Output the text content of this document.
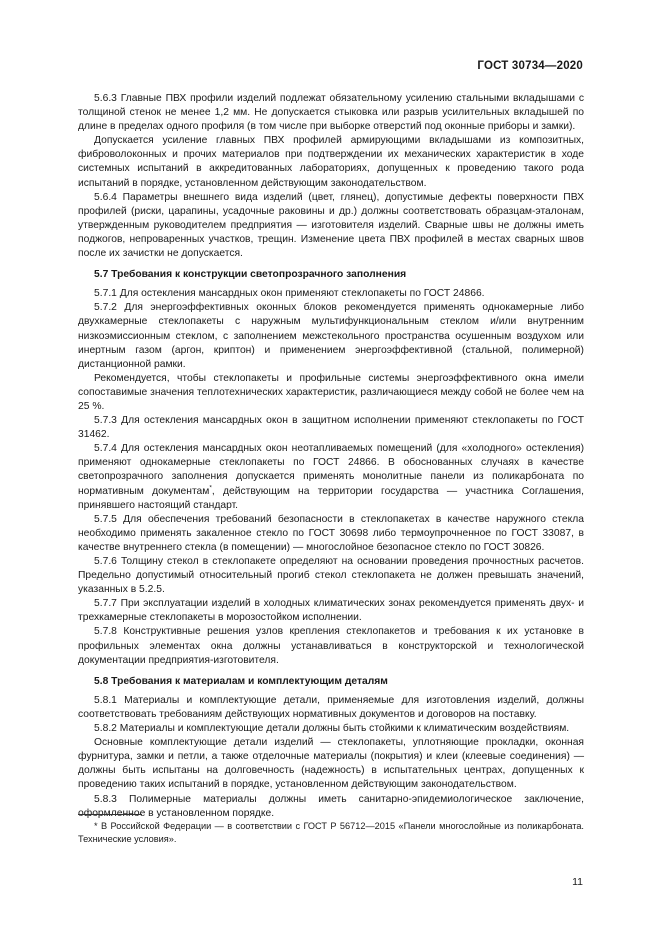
ГОСТ 30734—2020

5.6.3 Главные ПВХ профили изделий подлежат обязательному усилению стальными вкладышами с толщиной стенок не менее 1,2 мм. Не допускается стыковка или разрыв усилительных вкладышей по длине в пределах одного профиля (в том числе при выборке отверстий под оконные приборы и замки).

Допускается усиление главных ПВХ профилей армирующими вкладышами из композитных, фиброволоконных и прочих материалов при подтверждении их механических характеристик в ходе системных испытаний в аккредитованных лабораториях, допущенных к проведению такого рода испытаний в порядке, установленном действующим законодательством.

5.6.4 Параметры внешнего вида изделий (цвет, глянец), допустимые дефекты поверхности ПВХ профилей (риски, царапины, усадочные раковины и др.) должны соответствовать образцам-эталонам, утвержденным руководителем предприятия — изготовителя изделий. Сварные швы не должны иметь поджогов, непроваренных участков, трещин. Изменение цвета ПВХ профилей в местах сварных швов после их зачистки не допускается.

5.7 Требования к конструкции светопрозрачного заполнения

5.7.1 Для остекления мансардных окон применяют стеклопакеты по ГОСТ 24866.

5.7.2 Для энергоэффективных оконных блоков рекомендуется применять однокамерные либо двухкамерные стеклопакеты с наружным мультифункциональным стеклом и/или внутренним низкоэмиссионным стеклом, с заполнением межстекольного пространства осушенным воздухом или инертным газом (аргон, криптон) и применением энергоэффективной (стальной, полимерной) дистанционной рамки.

Рекомендуется, чтобы стеклопакеты и профильные системы энергоэффективного окна имели сопоставимые значения теплотехнических характеристик, различающиеся между собой не более чем на 25 %.

5.7.3 Для остекления мансардных окон в защитном исполнении применяют стеклопакеты по ГОСТ 31462.

5.7.4 Для остекления мансардных окон неотапливаемых помещений (для «холодного» остекления) применяют однокамерные стеклопакеты по ГОСТ 24866. В обоснованных случаях в качестве светопрозрачного заполнения допускается применять монолитные панели из поликарбоната по нормативным документам*, действующим на территории государства — участника Соглашения, принявшего настоящий стандарт.

5.7.5 Для обеспечения требований безопасности в стеклопакетах в качестве наружного стекла необходимо применять закаленное стекло по ГОСТ 30698 либо термоупрочненное по ГОСТ 33087, в качестве внутреннего стекла (в помещении) — многослойное безопасное стекло по ГОСТ 30826.

5.7.6 Толщину стекол в стеклопакете определяют на основании проведения прочностных расчетов. Предельно допустимый относительный прогиб стекол стеклопакета не должен превышать значений, указанных в 5.2.5.

5.7.7 При эксплуатации изделий в холодных климатических зонах рекомендуется применять двух- и трехкамерные стеклопакеты в морозостойком исполнении.

5.7.8 Конструктивные решения узлов крепления стеклопакетов и требования к их установке в профильных элементах окна должны устанавливаться в конструкторской и технологической документации предприятия-изготовителя.

5.8 Требования к материалам и комплектующим деталям

5.8.1 Материалы и комплектующие детали, применяемые для изготовления изделий, должны соответствовать требованиям действующих нормативных документов и договоров на поставку.

5.8.2 Материалы и комплектующие детали должны быть стойкими к климатическим воздействиям.

Основные комплектующие детали изделий — стеклопакеты, уплотняющие прокладки, оконная фурнитура, замки и петли, а также отделочные материалы (покрытия) и клеи (клеевые соединения) — должны быть испытаны на долговечность (надежность) в испытательных центрах, допущенных к проведению таких испытаний в порядке, установленном действующим законодательством.

5.8.3 Полимерные материалы должны иметь санитарно-эпидемиологическое заключение, оформленное в установленном порядке.

* В Российской Федерации — в соответствии с ГОСТ Р 56712—2015 «Панели многослойные из поликарбоната. Технические условия».

11
